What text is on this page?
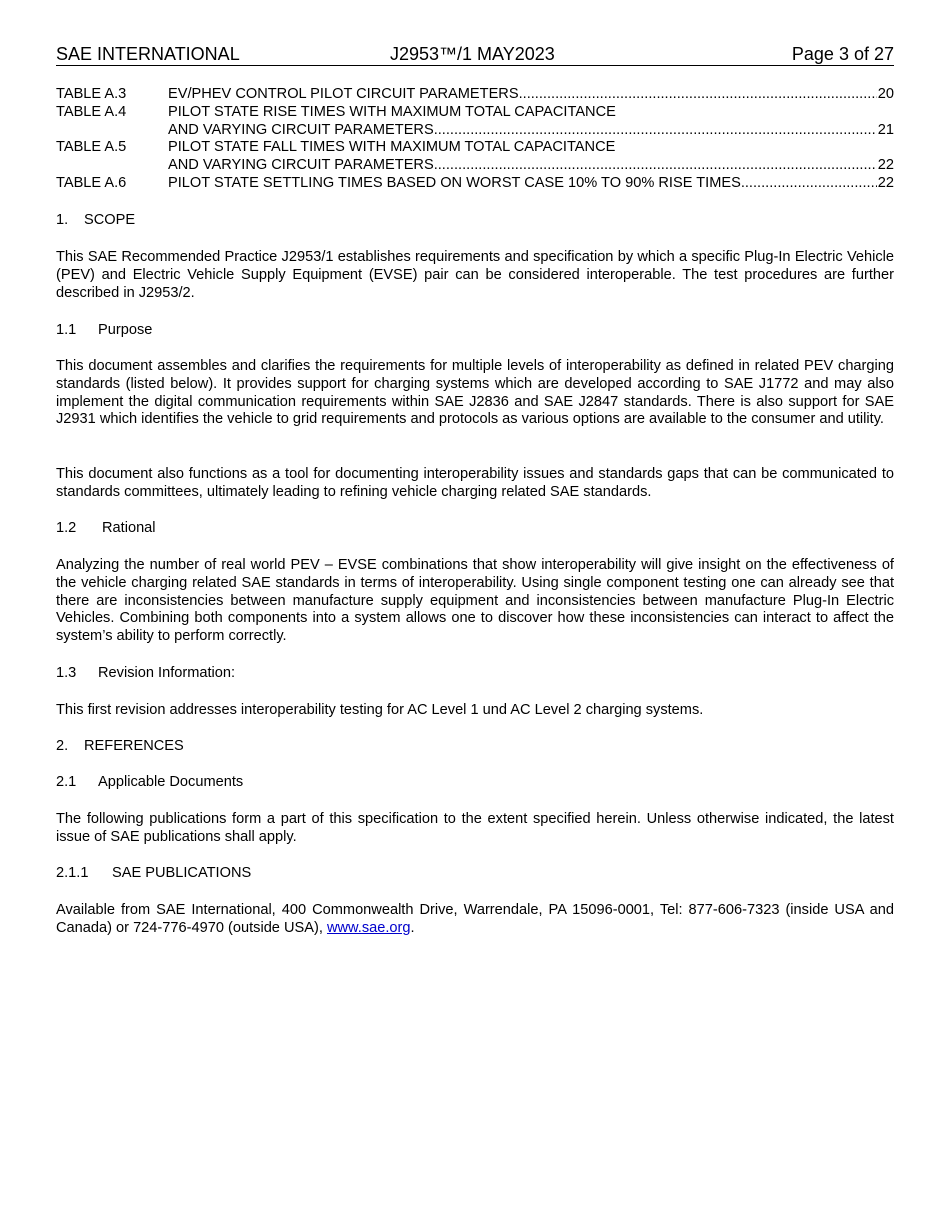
SAE INTERNATIONAL	J2953™/1 MAY2023	Page 3 of 27
TABLE A.3	EV/PHEV CONTROL PILOT CIRCUIT PARAMETERS .....	20
TABLE A.4	PILOT STATE RISE TIMES WITH MAXIMUM TOTAL CAPACITANCE
AND VARYING CIRCUIT PARAMETERS .....	21
TABLE A.5	PILOT STATE FALL TIMES WITH MAXIMUM TOTAL CAPACITANCE
AND VARYING CIRCUIT PARAMETERS .....	22
TABLE A.6	PILOT STATE SETTLING TIMES BASED ON WORST CASE 10% TO 90% RISE TIMES .....	22
1. SCOPE
This SAE Recommended Practice J2953/1 establishes requirements and specification by which a specific Plug-In Electric Vehicle (PEV) and Electric Vehicle Supply Equipment (EVSE) pair can be considered interoperable. The test procedures are further described in J2953/2.
1.1 Purpose
This document assembles and clarifies the requirements for multiple levels of interoperability as defined in related PEV charging standards (listed below). It provides support for charging systems which are developed according to SAE J1772 and may also implement the digital communication requirements within SAE J2836 and SAE J2847 standards. There is also support for SAE J2931 which identifies the vehicle to grid requirements and protocols as various options are available to the consumer and utility.
This document also functions as a tool for documenting interoperability issues and standards gaps that can be communicated to standards committees, ultimately leading to refining vehicle charging related SAE standards.
1.2 Rational
Analyzing the number of real world PEV – EVSE combinations that show interoperability will give insight on the effectiveness of the vehicle charging related SAE standards in terms of interoperability. Using single component testing one can already see that there are inconsistencies between manufacture supply equipment and inconsistencies between manufacture Plug-In Electric Vehicles. Combining both components into a system allows one to discover how these inconsistencies can interact to affect the system’s ability to perform correctly.
1.3 Revision Information:
This first revision addresses interoperability testing for AC Level 1 und AC Level 2 charging systems.
2. REFERENCES
2.1 Applicable Documents
The following publications form a part of this specification to the extent specified herein. Unless otherwise indicated, the latest issue of SAE publications shall apply.
2.1.1 SAE PUBLICATIONS
Available from SAE International, 400 Commonwealth Drive, Warrendale, PA 15096-0001, Tel: 877-606-7323 (inside USA and Canada) or 724-776-4970 (outside USA), www.sae.org.
